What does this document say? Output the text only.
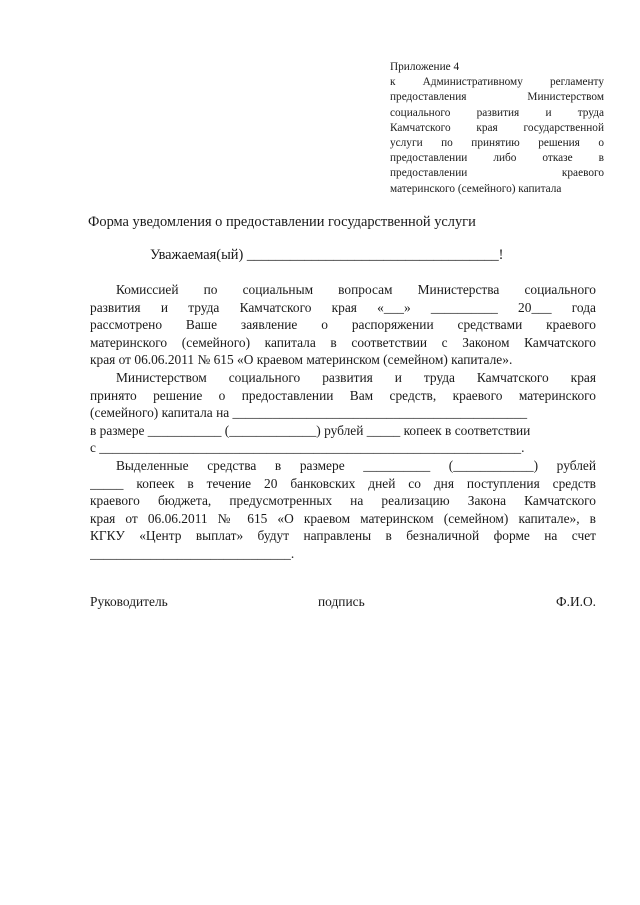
Приложение 4
к Административному регламенту
предоставления Министерством
социального развития и труда
Камчатского края государственной
услуги по принятию решения о
предоставлении либо отказе в
предоставлении краевого
материнского (семейного) капитала
Форма уведомления о предоставлении государственной услуги
Уважаемая(ый) ___________________________________!
Комиссией по социальным вопросам Министерства социального
развития и труда Камчатского края «___» __________ 20___ года
рассмотрено Ваше заявление о распоряжении средствами краевого
материнского (семейного) капитала в соответствии с Законом Камчатского
края от 06.06.2011 № 615 «О краевом материнском (семейном) капитале».
Министерством социального развития и труда Камчатского края
принято решение о предоставлении Вам средств, краевого материнского
(семейного) капитала на ____________________________________________
в размере ___________ (_____________) рублей _____ копеек в соответствии
с _______________________________________________________________.
Выделенные средства в размере __________ (____________) рублей
_____ копеек в течение 20 банковских дней со дня поступления средств
краевого бюджета, предусмотренных на реализацию Закона Камчатского
края от 06.06.2011 № 615 «О краевом материнском (семейном) капитале», в
КГКУ «Центр выплат» будут направлены в безналичной форме на счет
______________________________.
Руководитель	подпись	Ф.И.О.
